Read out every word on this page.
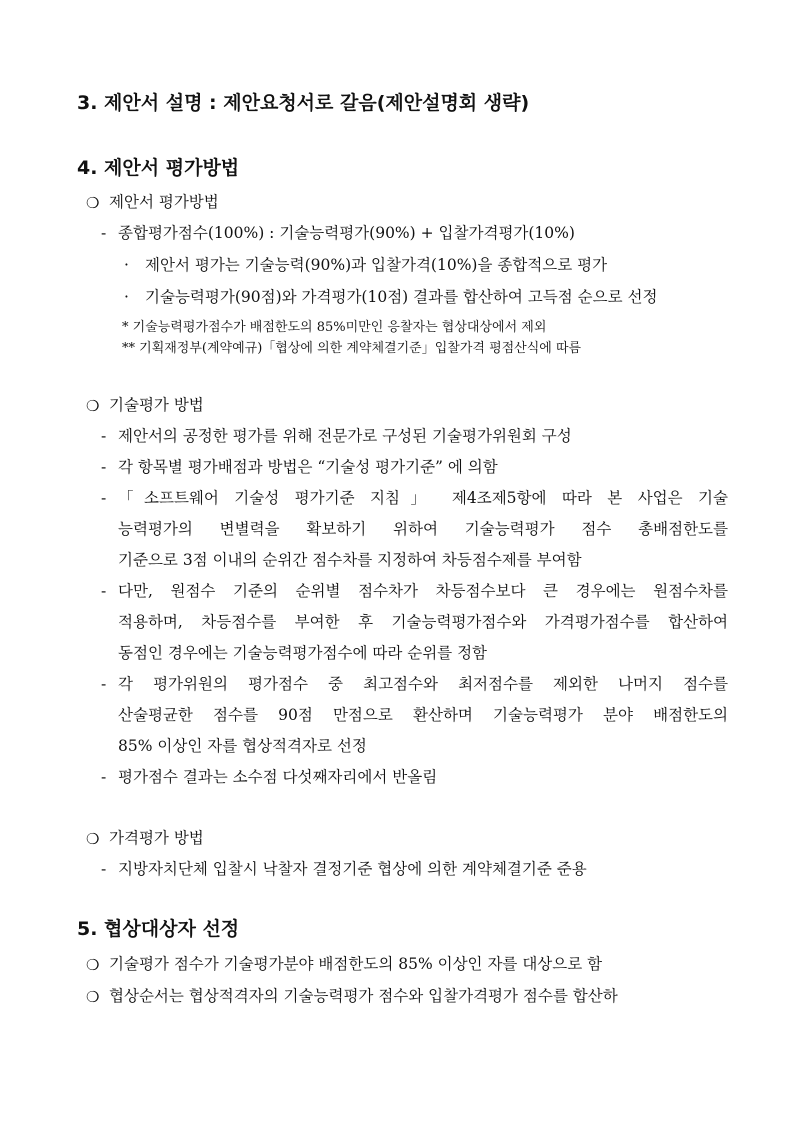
3. 제안서 설명 : 제안요청서로 갈음(제안설명회 생략)
4. 제안서 평가방법
❍ 제안서 평가방법
- 종합평가점수(100%) : 기술능력평가(90%) + 입찰가격평가(10%)
· 제안서 평가는 기술능력(90%)과 입찰가격(10%)을 종합적으로 평가
· 기술능력평가(90점)와 가격평가(10점) 결과를 합산하여 고득점 순으로 선정
* 기술능력평가점수가 배점한도의 85%미만인 응찰자는 협상대상에서 제외
** 기획재정부(계약예규)「협상에 의한 계약체결기준」입찰가격 평점산식에 따름
❍ 기술평가 방법
- 제안서의 공정한 평가를 위해 전문가로 구성된 기술평가위원회 구성
- 각 항목별 평가배점과 방법은 “기술성 평가기준” 에 의함
- 「소프트웨어 기술성 평가기준 지침」 제4조제5항에 따라 본 사업은 기술
능력평가의 변별력을 확보하기 위하여 기술능력평가 점수 총배점한도를
기준으로 3점 이내의 순위간 점수차를 지정하여 차등점수제를 부여함
- 다만, 원점수 기준의 순위별 점수차가 차등점수보다 큰 경우에는 원점수차를
적용하며, 차등점수를 부여한 후 기술능력평가점수와 가격평가점수를 합산하여
동점인 경우에는 기술능력평가점수에 따라 순위를 정함
- 각 평가위원의 평가점수 중 최고점수와 최저점수를 제외한 나머지 점수를
산술평균한 점수를 90점 만점으로 환산하며 기술능력평가 분야 배점한도의
85% 이상인 자를 협상적격자로 선정
- 평가점수 결과는 소수점 다섯째자리에서 반올림
❍ 가격평가 방법
- 지방자치단체 입찰시 낙찰자 결정기준 협상에 의한 계약체결기준 준용
5. 협상대상자 선정
❍ 기술평가 점수가 기술평가분야 배점한도의 85% 이상인 자를 대상으로 함
❍ 협상순서는 협상적격자의 기술능력평가 점수와 입찰가격평가 점수를 합산하
